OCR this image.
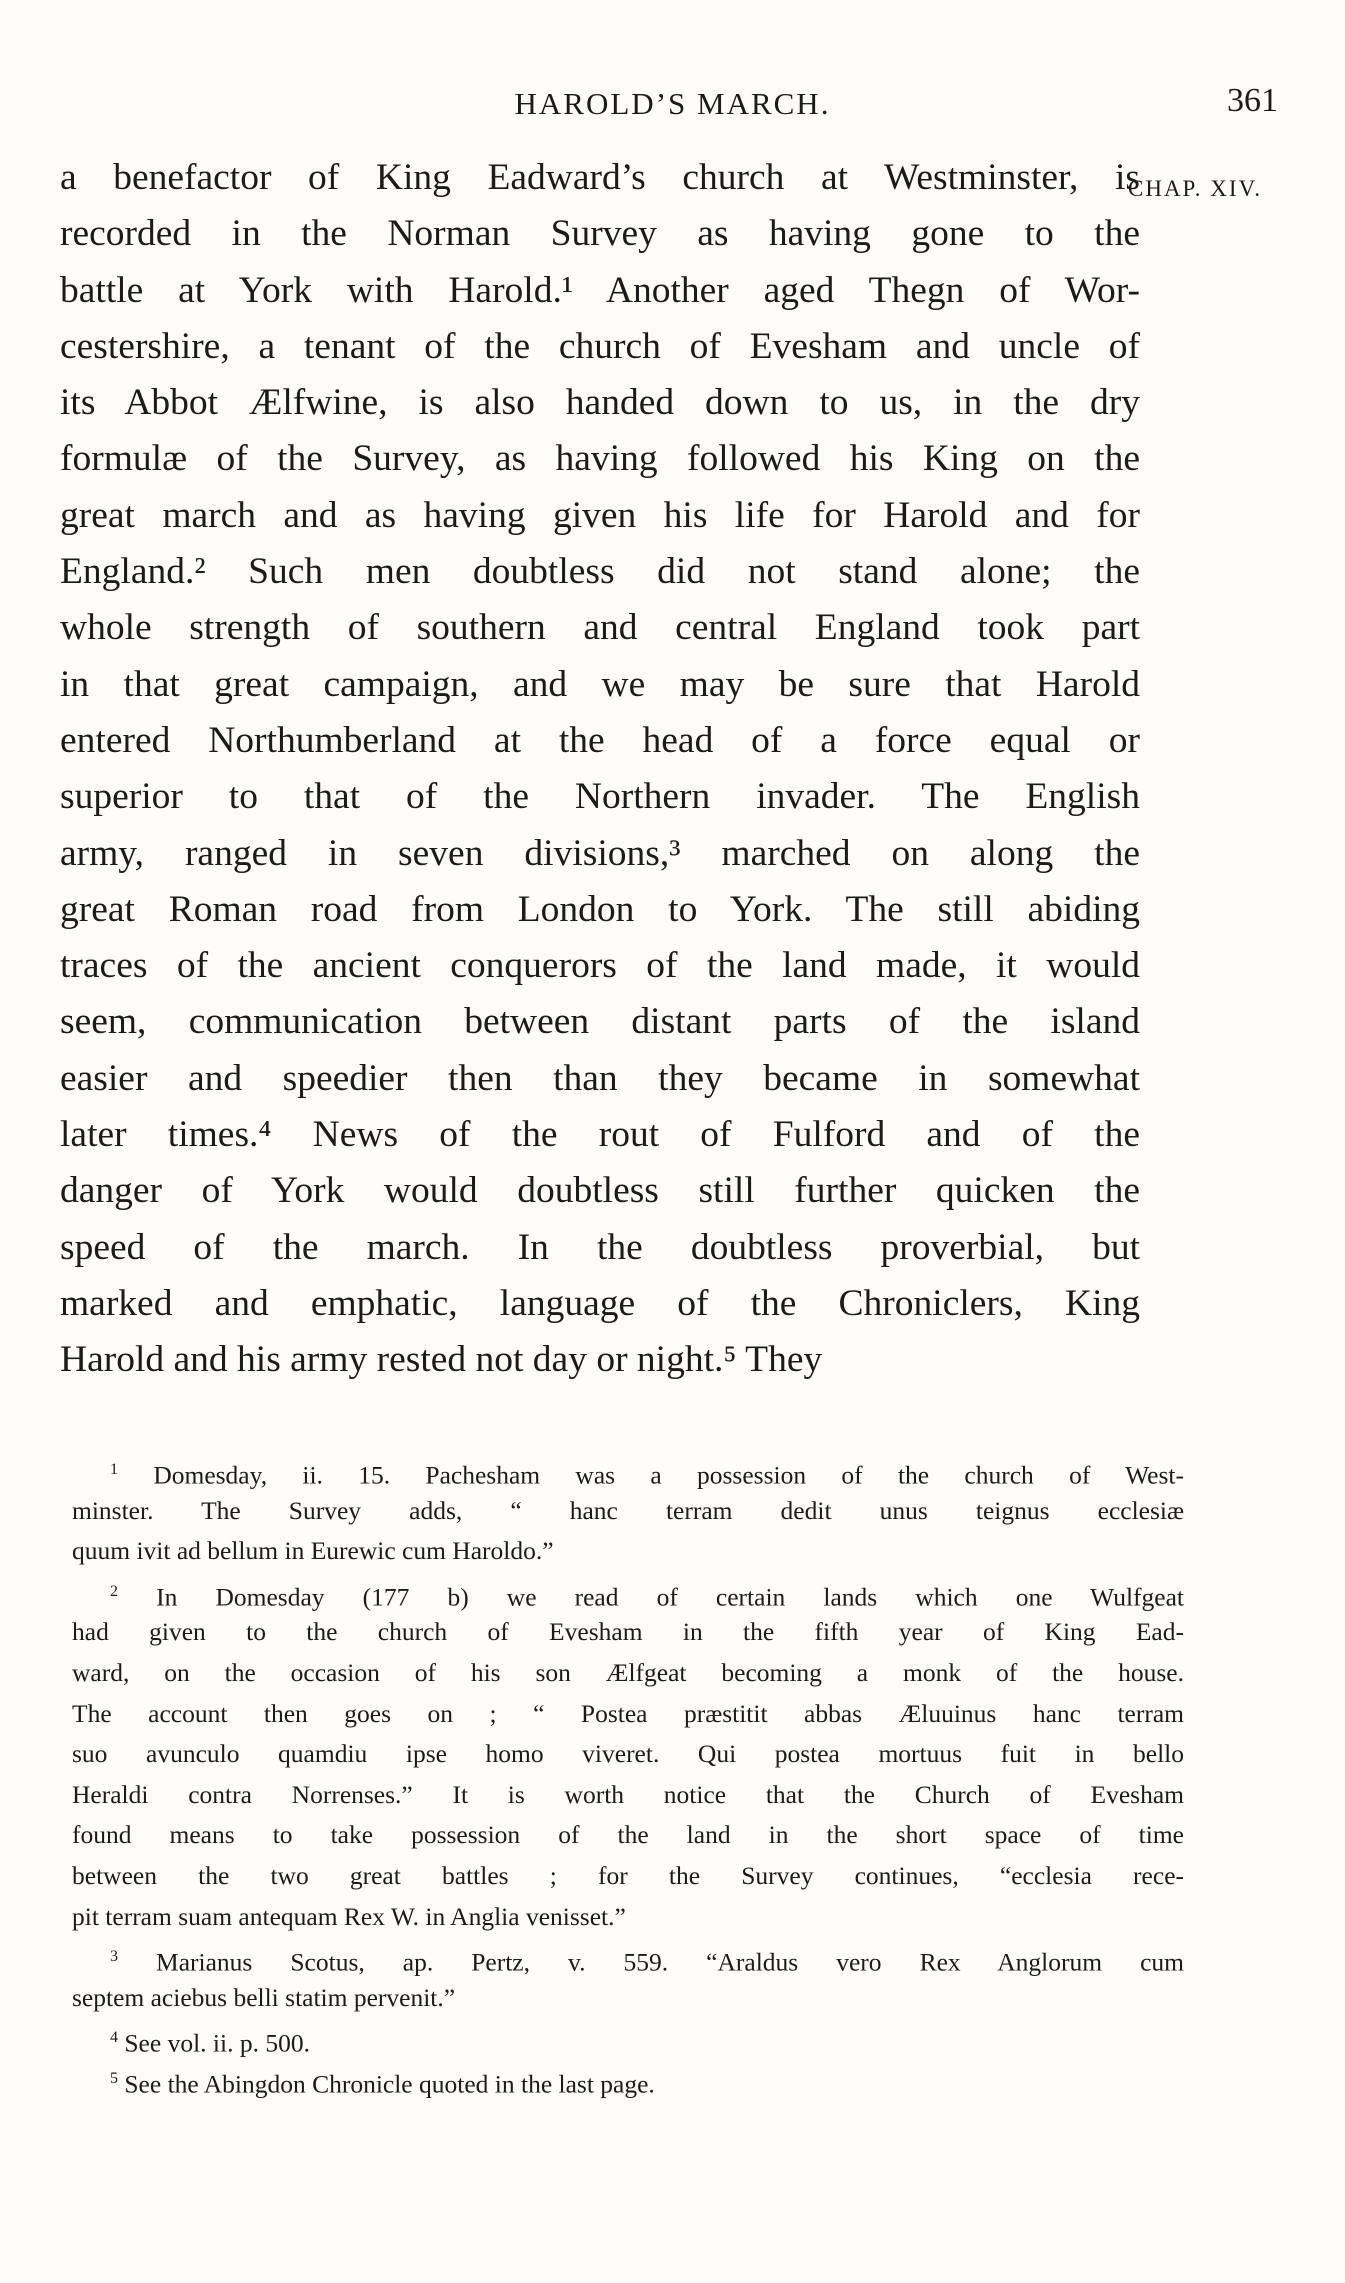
HAROLD’S MARCH.	361
CHAP. XIV.
a benefactor of King Eadward’s church at Westminster, is
recorded in the Norman Survey as having gone to the
battle at York with Harold.¹ Another aged Thegn of Wor-
cestershire, a tenant of the church of Evesham and uncle of
its Abbot Ælfwine, is also handed down to us, in the dry
formulæ of the Survey, as having followed his King on the
great march and as having given his life for Harold and for
England.² Such men doubtless did not stand alone; the
whole strength of southern and central England took part
in that great campaign, and we may be sure that Harold
entered Northumberland at the head of a force equal or
superior to that of the Northern invader. The English
army, ranged in seven divisions,³ marched on along the
great Roman road from London to York. The still abiding
traces of the ancient conquerors of the land made, it would
seem, communication between distant parts of the island
easier and speedier then than they became in somewhat
later times.⁴ News of the rout of Fulford and of the
danger of York would doubtless still further quicken the
speed of the march. In the doubtless proverbial, but
marked and emphatic, language of the Chroniclers, King
Harold and his army rested not day or night.⁵ They
$^1$ Domesday, ii. 15. Pachesham was a possession of the church of West-
minster. The Survey adds, “ hanc terram dedit unus teignus ecclesiæ
quum ivit ad bellum in Eurewic cum Haroldo.”
$^2$ In Domesday (177 b) we read of certain lands which one Wulfgeat
had given to the church of Evesham in the fifth year of King Ead-
ward, on the occasion of his son Ælfgeat becoming a monk of the house.
The account then goes on ; “ Postea præstitit abbas Æluuinus hanc terram
suo avunculo quamdiu ipse homo viveret. Qui postea mortuus fuit in bello
Heraldi contra Norrenses.” It is worth notice that the Church of Evesham
found means to take possession of the land in the short space of time
between the two great battles ; for the Survey continues, “ecclesia rece-
pit terram suam antequam Rex W. in Anglia venisset.”
$^3$ Marianus Scotus, ap. Pertz, v. 559. “Araldus vero Rex Anglorum cum
septem aciebus belli statim pervenit.”
$^4$ See vol. ii. p. 500.
$^5$ See the Abingdon Chronicle quoted in the last page.
